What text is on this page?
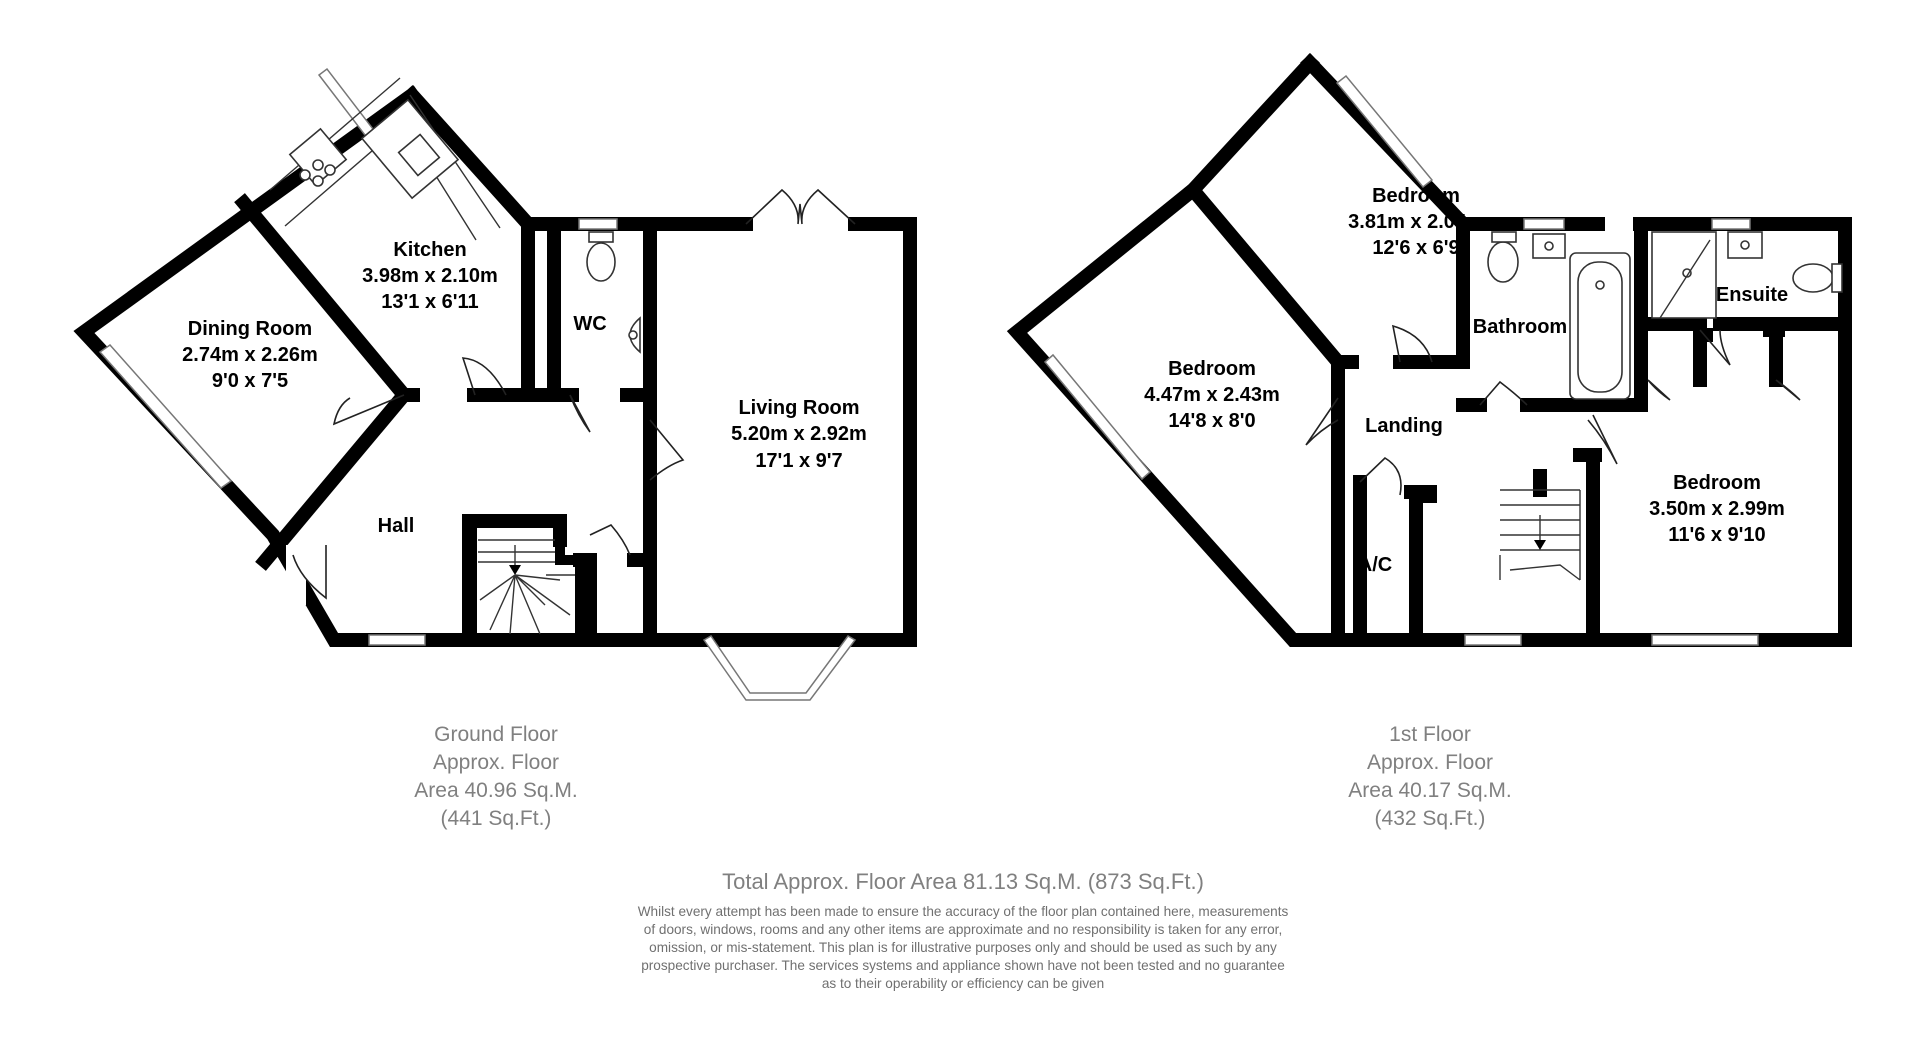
Kitchen
3.98m x 2.10m
13'1 x 6'11
Dining Room
2.74m x 2.26m
9'0 x 7'5
WC
Living Room
5.20m x 2.92m
17'1 x 9'7
Hall
Bedroom
3.81m x 2.05m
12'6 x 6'9
Bedroom
4.47m x 2.43m
14'8 x 8'0
Bathroom
Ensuite
Landing
A/C
Bedroom
3.50m x 2.99m
11'6 x 9'10
Ground Floor
Approx. Floor
Area 40.96 Sq.M.
(441 Sq.Ft.)
1st Floor
Approx. Floor
Area 40.17 Sq.M.
(432 Sq.Ft.)
Total Approx. Floor Area 81.13 Sq.M. (873 Sq.Ft.)
Whilst every attempt has been made to ensure the accuracy of the floor plan contained here, measurements
of doors, windows, rooms and any other items are approximate and no responsibility is taken for any error,
omission, or mis-statement. This plan is for illustrative purposes only and should be used as such by any
prospective purchaser. The services systems and appliance shown have not been tested and no guarantee
as to their operability or efficiency can be given
